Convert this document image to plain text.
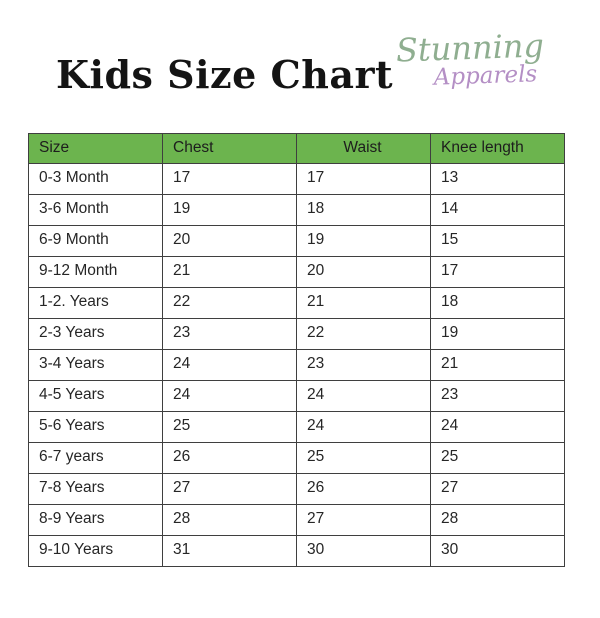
Kids Size Chart
Stunning
Apparels
Size	Chest	Waist	Knee length
0-3 Month	17	17	13
3-6 Month	19	18	14
6-9 Month	20	19	15
9-12 Month	21	20	17
1-2. Years	22	21	18
2-3 Years	23	22	19
3-4 Years	24	23	21
4-5 Years	24	24	23
5-6 Years	25	24	24
6-7 years	26	25	25
7-8 Years	27	26	27
8-9 Years	28	27	28
9-10 Years	31	30	30
